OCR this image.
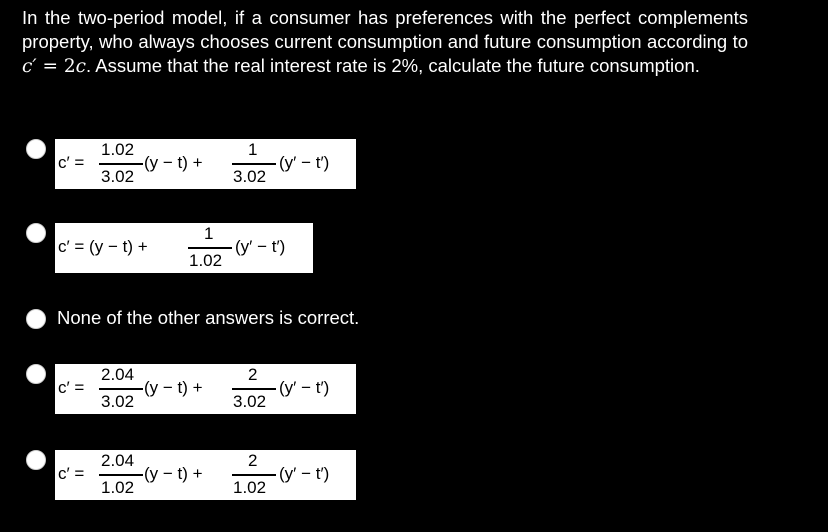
In the two-period model, if a consumer has preferences with the perfect complements property, who always chooses current consumption and future consumption according to c′ = 2c. Assume that the real interest rate is 2%, calculate the future consumption.
c′ =
1.02
3.02
(y − t) +
1
3.02
(y′ − t′)
c′ = (y − t) +
1
1.02
(y′ − t′)
None of the other answers is correct.
c′ =
2.04
3.02
(y − t) +
2
3.02
(y′ − t′)
c′ =
2.04
1.02
(y − t) +
2
1.02
(y′ − t′)
